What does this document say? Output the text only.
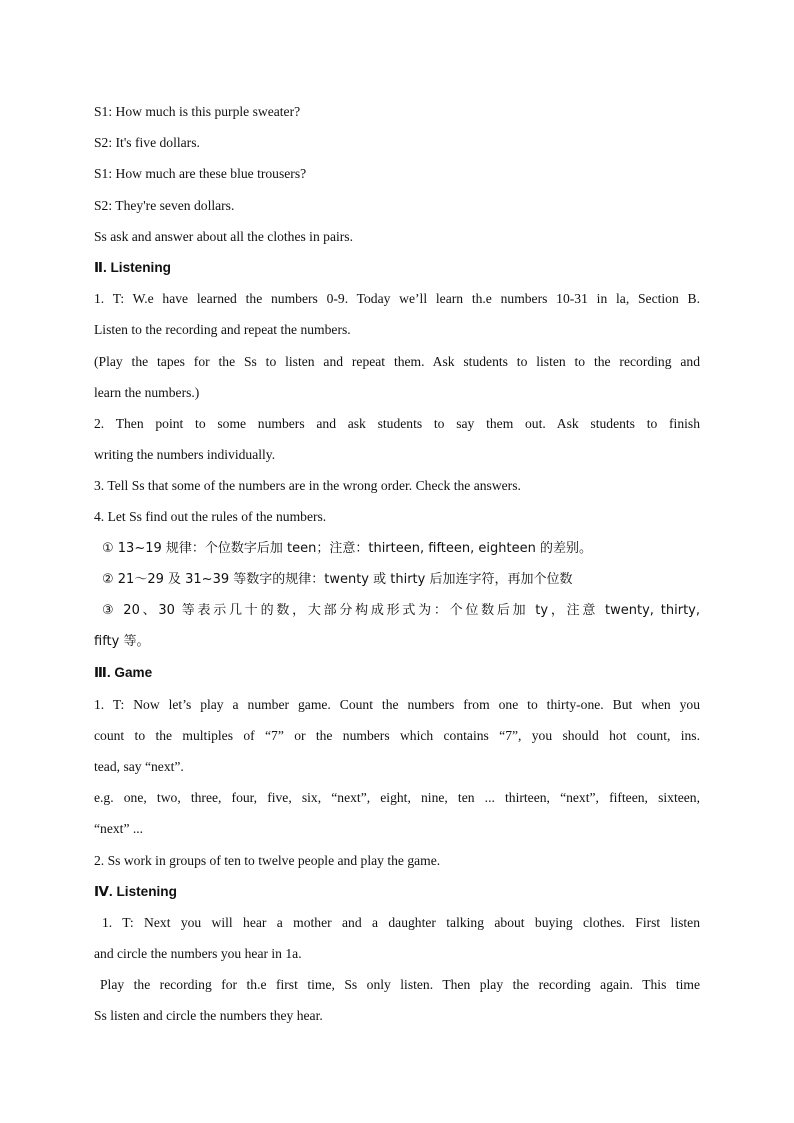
S1: How much is this purple sweater?
S2: It's five dollars.
S1: How much are these blue trousers?
S2: They're seven dollars.
Ss ask and answer about all the clothes in pairs.
Ⅱ. Listening
1. T: W.e have learned the numbers 0-9. Today we’ll learn th.e numbers 10-31 in la, Section B.
Listen to the recording and repeat the numbers.
(Play the tapes for the Ss to listen and repeat them. Ask students to listen to the recording and
learn the numbers.)
2. Then point to some numbers and ask students to say them out. Ask students to finish
writing the numbers individually.
3. Tell Ss that some of the numbers are in the wrong order. Check the answers.
4. Let Ss find out the rules of the numbers.
① 13~19 规律：个位数字后加 teen；注意：thirteen, fifteen, eighteen 的差别。
② 21～29 及 31~39 等数字的规律：twenty 或 thirty 后加连字符，再加个位数
③ 20、30 等表示几十的数，大部分构成形式为：个位数后加 ty，注意 twenty, thirty,
fifty 等。
Ⅲ. Game
1. T: Now let’s play a number game. Count the numbers from one to thirty-one. But when you
count to the multiples of “7” or the numbers which contains “7”, you should hot count, ins.
tead, say “next”.
e.g. one, two, three, four, five, six, “next”, eight, nine, ten ... thirteen, “next”, fifteen, sixteen,
“next” ...
2. Ss work in groups of ten to twelve people and play the game.
Ⅳ. Listening
1. T: Next you will hear a mother and a daughter talking about buying clothes. First listen
and circle the numbers you hear in 1a.
Play the recording for th.e first time, Ss only listen. Then play the recording again. This time
Ss listen and circle the numbers they hear.
